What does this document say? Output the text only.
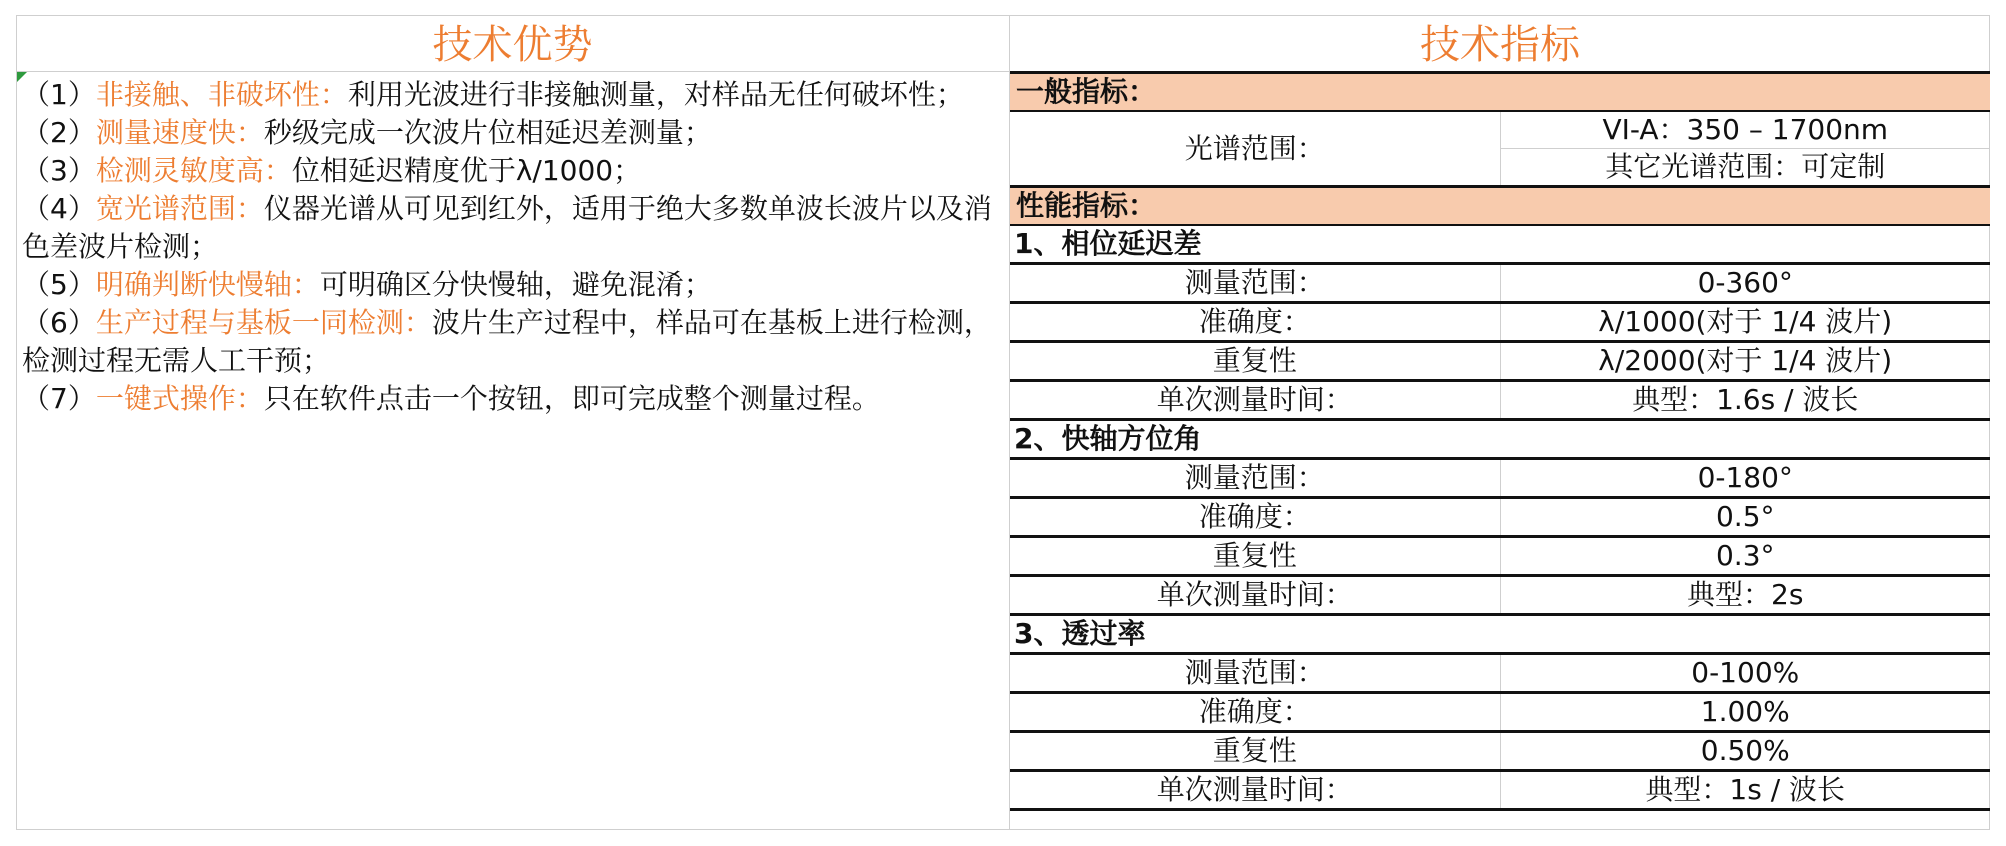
技术优势
（1）非接触、非破坏性：利用光波进行非接触测量，对样品无任何破坏性；
（2）测量速度快：秒级完成一次波片位相延迟差测量；
（3）检测灵敏度高：位相延迟精度优于λ/1000；
（4）宽光谱范围：仪器光谱从可见到红外，适用于绝大多数单波长波片以及消色差波片检测；
（5）明确判断快慢轴：可明确区分快慢轴，避免混淆；
（6）生产过程与基板一同检测：波片生产过程中，样品可在基板上进行检测，检测过程无需人工干预；
（7）一键式操作：只在软件点击一个按钮，即可完成整个测量过程。
技术指标
一般指标：	
光谱范围：	VI-A：350 – 1700nm
	其它光谱范围：可定制
性能指标：	
1、相位延迟差	
测量范围：	0-360°
准确度：	λ/1000(对于 1/4 波片)
重复性	λ/2000(对于 1/4 波片)
单次测量时间：	典型：1.6s / 波长
2、快轴方位角	
测量范围：	0-180°
准确度：	0.5°
重复性	0.3°
单次测量时间：	典型：2s
3、透过率	
测量范围：	0-100%
准确度：	1.00%
重复性	0.50%
单次测量时间：	典型：1s / 波长
